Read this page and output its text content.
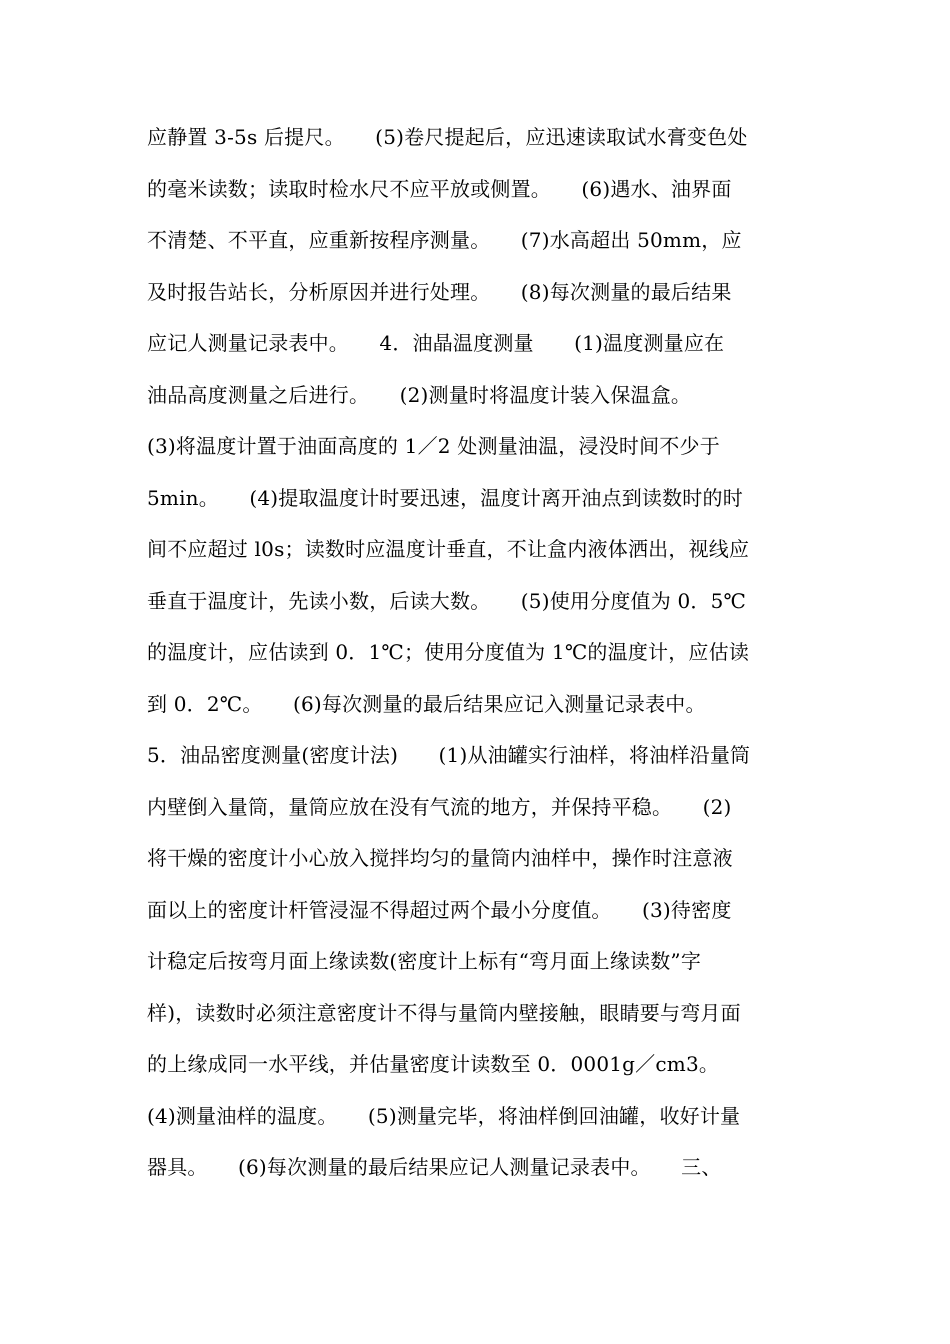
应静置 3-5s 后提尺。　　(5)卷尺提起后，应迅速读取试水膏变色处
的毫米读数；读取时检水尺不应平放或侧置。　　(6)遇水、油界面
不清楚、不平直，应重新按程序测量。　　(7)水高超出 50mm，应
及时报告站长，分析原因并进行处理。　　(8)每次测量的最后结果
应记人测量记录表中。　　4．油晶温度测量　　(1)温度测量应在
油品高度测量之后进行。　　(2)测量时将温度计装入保温盒。
(3)将温度计置于油面高度的 1／2 处测量油温，浸没时间不少于
5min。　　(4)提取温度计时要迅速，温度计离开油点到读数时的时
间不应超过 l0s；读数时应温度计垂直，不让盒内液体洒出，视线应
垂直于温度计，先读小数，后读大数。　　(5)使用分度值为 0．5℃
的温度计，应估读到 0．1℃；使用分度值为 1℃的温度计，应估读
到 0．2℃。　　(6)每次测量的最后结果应记入测量记录表中。
5．油品密度测量(密度计法)　　(1)从油罐实行油样，将油样沿量筒
内壁倒入量筒，量筒应放在没有气流的地方，并保持平稳。　　(2)
将干燥的密度计小心放入搅拌均匀的量筒内油样中，操作时注意液
面以上的密度计杆管浸湿不得超过两个最小分度值。　　(3)待密度
计稳定后按弯月面上缘读数(密度计上标有“弯月面上缘读数”字
样)，读数时必须注意密度计不得与量筒内壁接触，眼睛要与弯月面
的上缘成同一水平线，并估量密度计读数至 0．0001g／cm3。
(4)测量油样的温度。　　(5)测量完毕，将油样倒回油罐，收好计量
器具。　　(6)每次测量的最后结果应记人测量记录表中。　　三、
